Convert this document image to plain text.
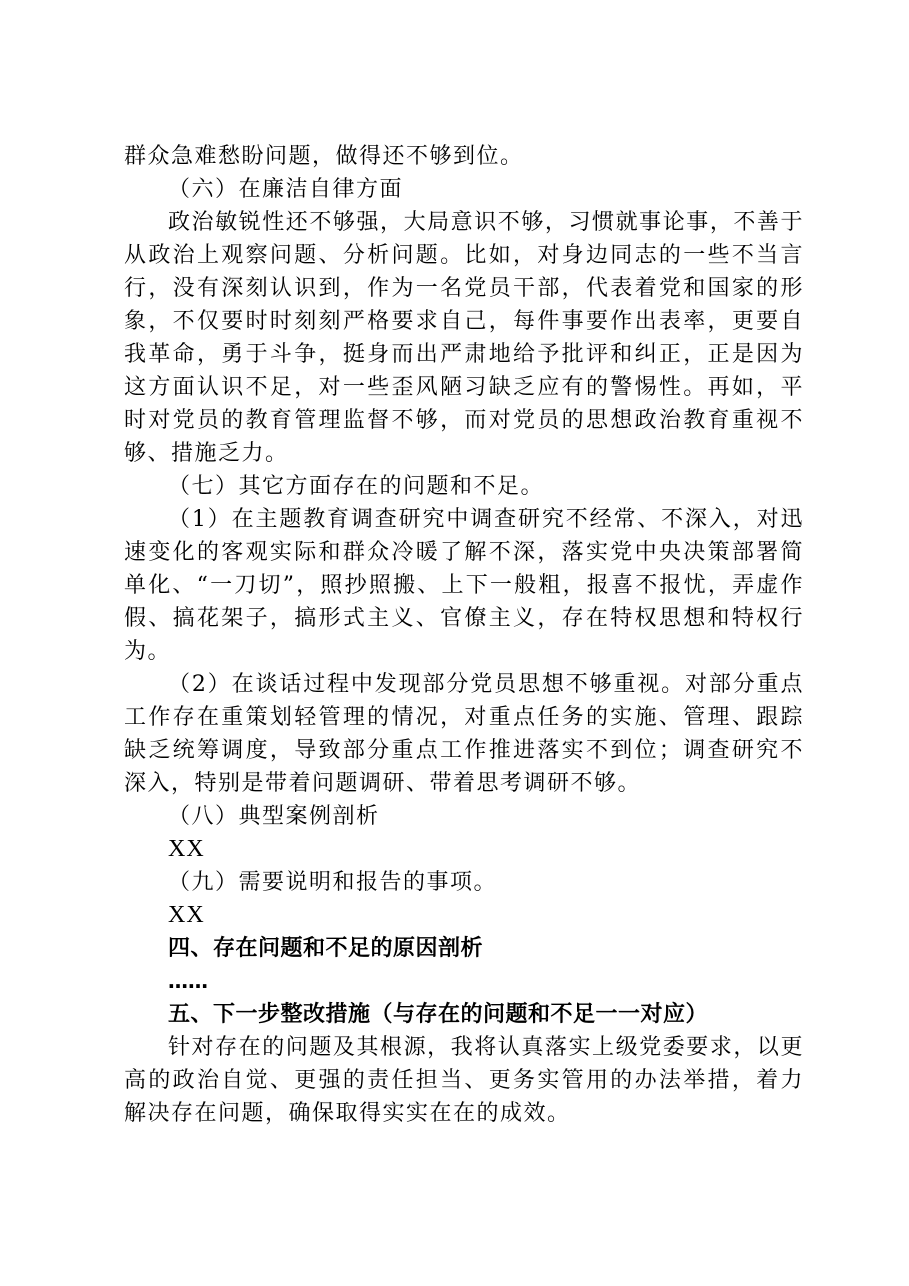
群众急难愁盼问题，做得还不够到位。

（六）在廉洁自律方面

政治敏锐性还不够强，大局意识不够，习惯就事论事，不善于从政治上观察问题、分析问题。比如，对身边同志的一些不当言行，没有深刻认识到，作为一名党员干部，代表着党和国家的形象，不仅要时时刻刻严格要求自己，每件事要作出表率，更要自我革命，勇于斗争，挺身而出严肃地给予批评和纠正，正是因为这方面认识不足，对一些歪风陋习缺乏应有的警惕性。再如，平时对党员的教育管理监督不够，而对党员的思想政治教育重视不够、措施乏力。

（七）其它方面存在的问题和不足。

（1）在主题教育调查研究中调查研究不经常、不深入，对迅速变化的客观实际和群众冷暖了解不深，落实党中央决策部署简单化、“一刀切”，照抄照搬、上下一般粗，报喜不报忧，弄虚作假、搞花架子，搞形式主义、官僚主义，存在特权思想和特权行为。

（2）在谈话过程中发现部分党员思想不够重视。对部分重点工作存在重策划轻管理的情况，对重点任务的实施、管理、跟踪缺乏统筹调度，导致部分重点工作推进落实不到位；调查研究不深入，特别是带着问题调研、带着思考调研不够。

（八）典型案例剖析

XX

（九）需要说明和报告的事项。

XX

四、存在问题和不足的原因剖析

……

五、下一步整改措施（与存在的问题和不足一一对应）

针对存在的问题及其根源，我将认真落实上级党委要求，以更高的政治自觉、更强的责任担当、更务实管用的办法举措，着力解决存在问题，确保取得实实在在的成效。
